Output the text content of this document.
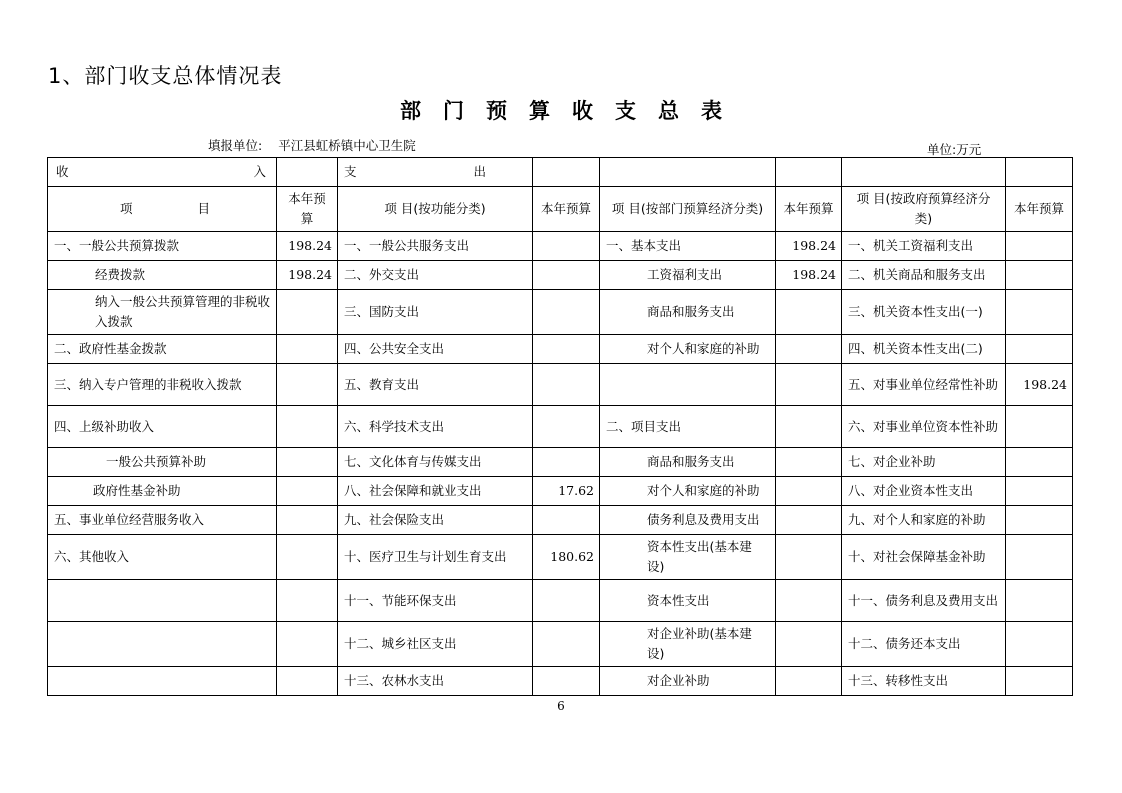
1、部门收支总体情况表
部门预算收支总表
填报单位: 平江县虹桥镇中心卫生院	单位:万元
收 入		支 出					

项 目	本年预算	项 目(按功能分类)	本年预算	项 目(按部门预算经济分类)	本年预算	项 目(按政府预算经济分类)	本年预算
一、一般公共预算拨款	198.24	一、一般公共服务支出		一、基本支出	198.24	一、机关工资福利支出	
经费拨款	198.24	二、外交支出		工资福利支出	198.24	二、机关商品和服务支出	
纳入一般公共预算管理的非税收入拨款		三、国防支出		商品和服务支出		三、机关资本性支出(一)	
二、政府性基金拨款		四、公共安全支出		对个人和家庭的补助		四、机关资本性支出(二)	
三、纳入专户管理的非税收入拨款		五、教育支出				五、对事业单位经常性补助	198.24
四、上级补助收入		六、科学技术支出		二、项目支出		六、对事业单位资本性补助	
一般公共预算补助		七、文化体育与传媒支出		商品和服务支出		七、对企业补助	
政府性基金补助		八、社会保障和就业支出	17.62	对个人和家庭的补助		八、对企业资本性支出	
五、事业单位经营服务收入		九、社会保险支出		债务利息及费用支出		九、对个人和家庭的补助	
六、其他收入		十、医疗卫生与计划生育支出	180.62	资本性支出(基本建设)		十、对社会保障基金补助	
		十一、节能环保支出		资本性支出		十一、债务利息及费用支出	
		十二、城乡社区支出		对企业补助(基本建设)		十二、债务还本支出	
		十三、农林水支出		对企业补助		十三、转移性支出	
6
